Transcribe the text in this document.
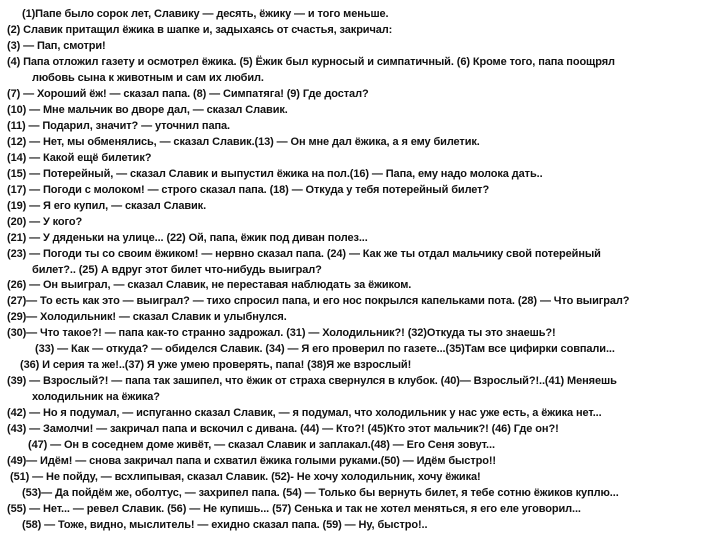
(1)Папе было сорок лет, Славику — десять, ёжику — и того меньше.
(2) Славик притащил ёжика в шапке и, задыхаясь от счастья, закричал:
(3) — Пап, смотри!
(4) Папа отложил газету и осмотрел ёжика. (5) Ёжик был курносый и симпатичный. (6) Кроме того, папа поощрял
любовь сына к животным и сам их любил.
(7) — Хороший ёж! — сказал папа. (8) — Симпатяга! (9) Где достал?
(10) — Мне мальчик во дворе дал, — сказал Славик.
(11) — Подарил, значит? — уточнил папа.
(12) — Нет, мы обменялись, — сказал Славик.(13) — Он мне дал ёжика, а я ему билетик.
(14) — Какой ещё билетик?
(15) — Потерейный, — сказал Славик и выпустил ёжика на пол.(16) — Папа, ему надо молока дать..
(17) — Погоди с молоком! — строго сказал папа. (18) — Откуда у тебя потерейный билет?
(19) — Я его купил, — сказал Славик.
(20) — У кого?
(21) — У дяденьки на улице... (22) Ой, папа, ёжик под диван полез...
(23) — Погоди ты со своим ёжиком! — нервно сказал папа. (24) — Как же ты отдал мальчику свой потерейный
билет?.. (25) А вдруг этот билет что-нибудь выиграл?
(26) — Он выиграл, — сказал Славик, не переставая наблюдать за ёжиком.
(27)— То есть как это — выиграл? — тихо спросил папа, и его нос покрылся капельками пота. (28) — Что выиграл?
(29)— Холодильник! — сказал Славик и улыбнулся.
(30)— Что такое?! — папа как-то странно задрожал. (31) — Холодильник?! (32)Откуда ты это знаешь?!
(33) — Как — откуда? — обиделся Славик. (34) — Я его проверил по газете...(35)Там все цифирки совпали...
(36) И серия та же!..(37) Я уже умею проверять, папа! (38)Я же взрослый!
(39) — Взрослый?! — папа так зашипел, что ёжик от страха свернулся в клубок. (40)— Взрослый?!..(41) Меняешь
холодильник на ёжика?
(42) — Но я подумал, — испуганно сказал Славик, — я подумал, что холодильник у нас уже есть, а ёжика нет...
(43) — Замолчи! — закричал папа и вскочил с дивана. (44) — Кто?! (45)Кто этот мальчик?! (46) Где он?!
(47) — Он в соседнем доме живёт, — сказал Славик и заплакал.(48) — Его Сеня зовут...
(49)— Идём! — снова закричал папа и схватил ёжика голыми руками.(50) — Идём быстро!!
(51) — Не пойду, — всхлипывая, сказал Славик. (52)- Не хочу холодильник, хочу ёжика!
(53)— Да пойдём же, оболтус, — захрипел папа. (54) — Только бы вернуть билет, я тебе сотню ёжиков куплю...
(55) — Нет... — ревел Славик. (56) — Не купишь... (57) Сенька и так не хотел меняться, я его еле уговорил...
(58) — Тоже, видно, мыслитель! — ехидно сказал папа. (59) — Ну, быстро!..
